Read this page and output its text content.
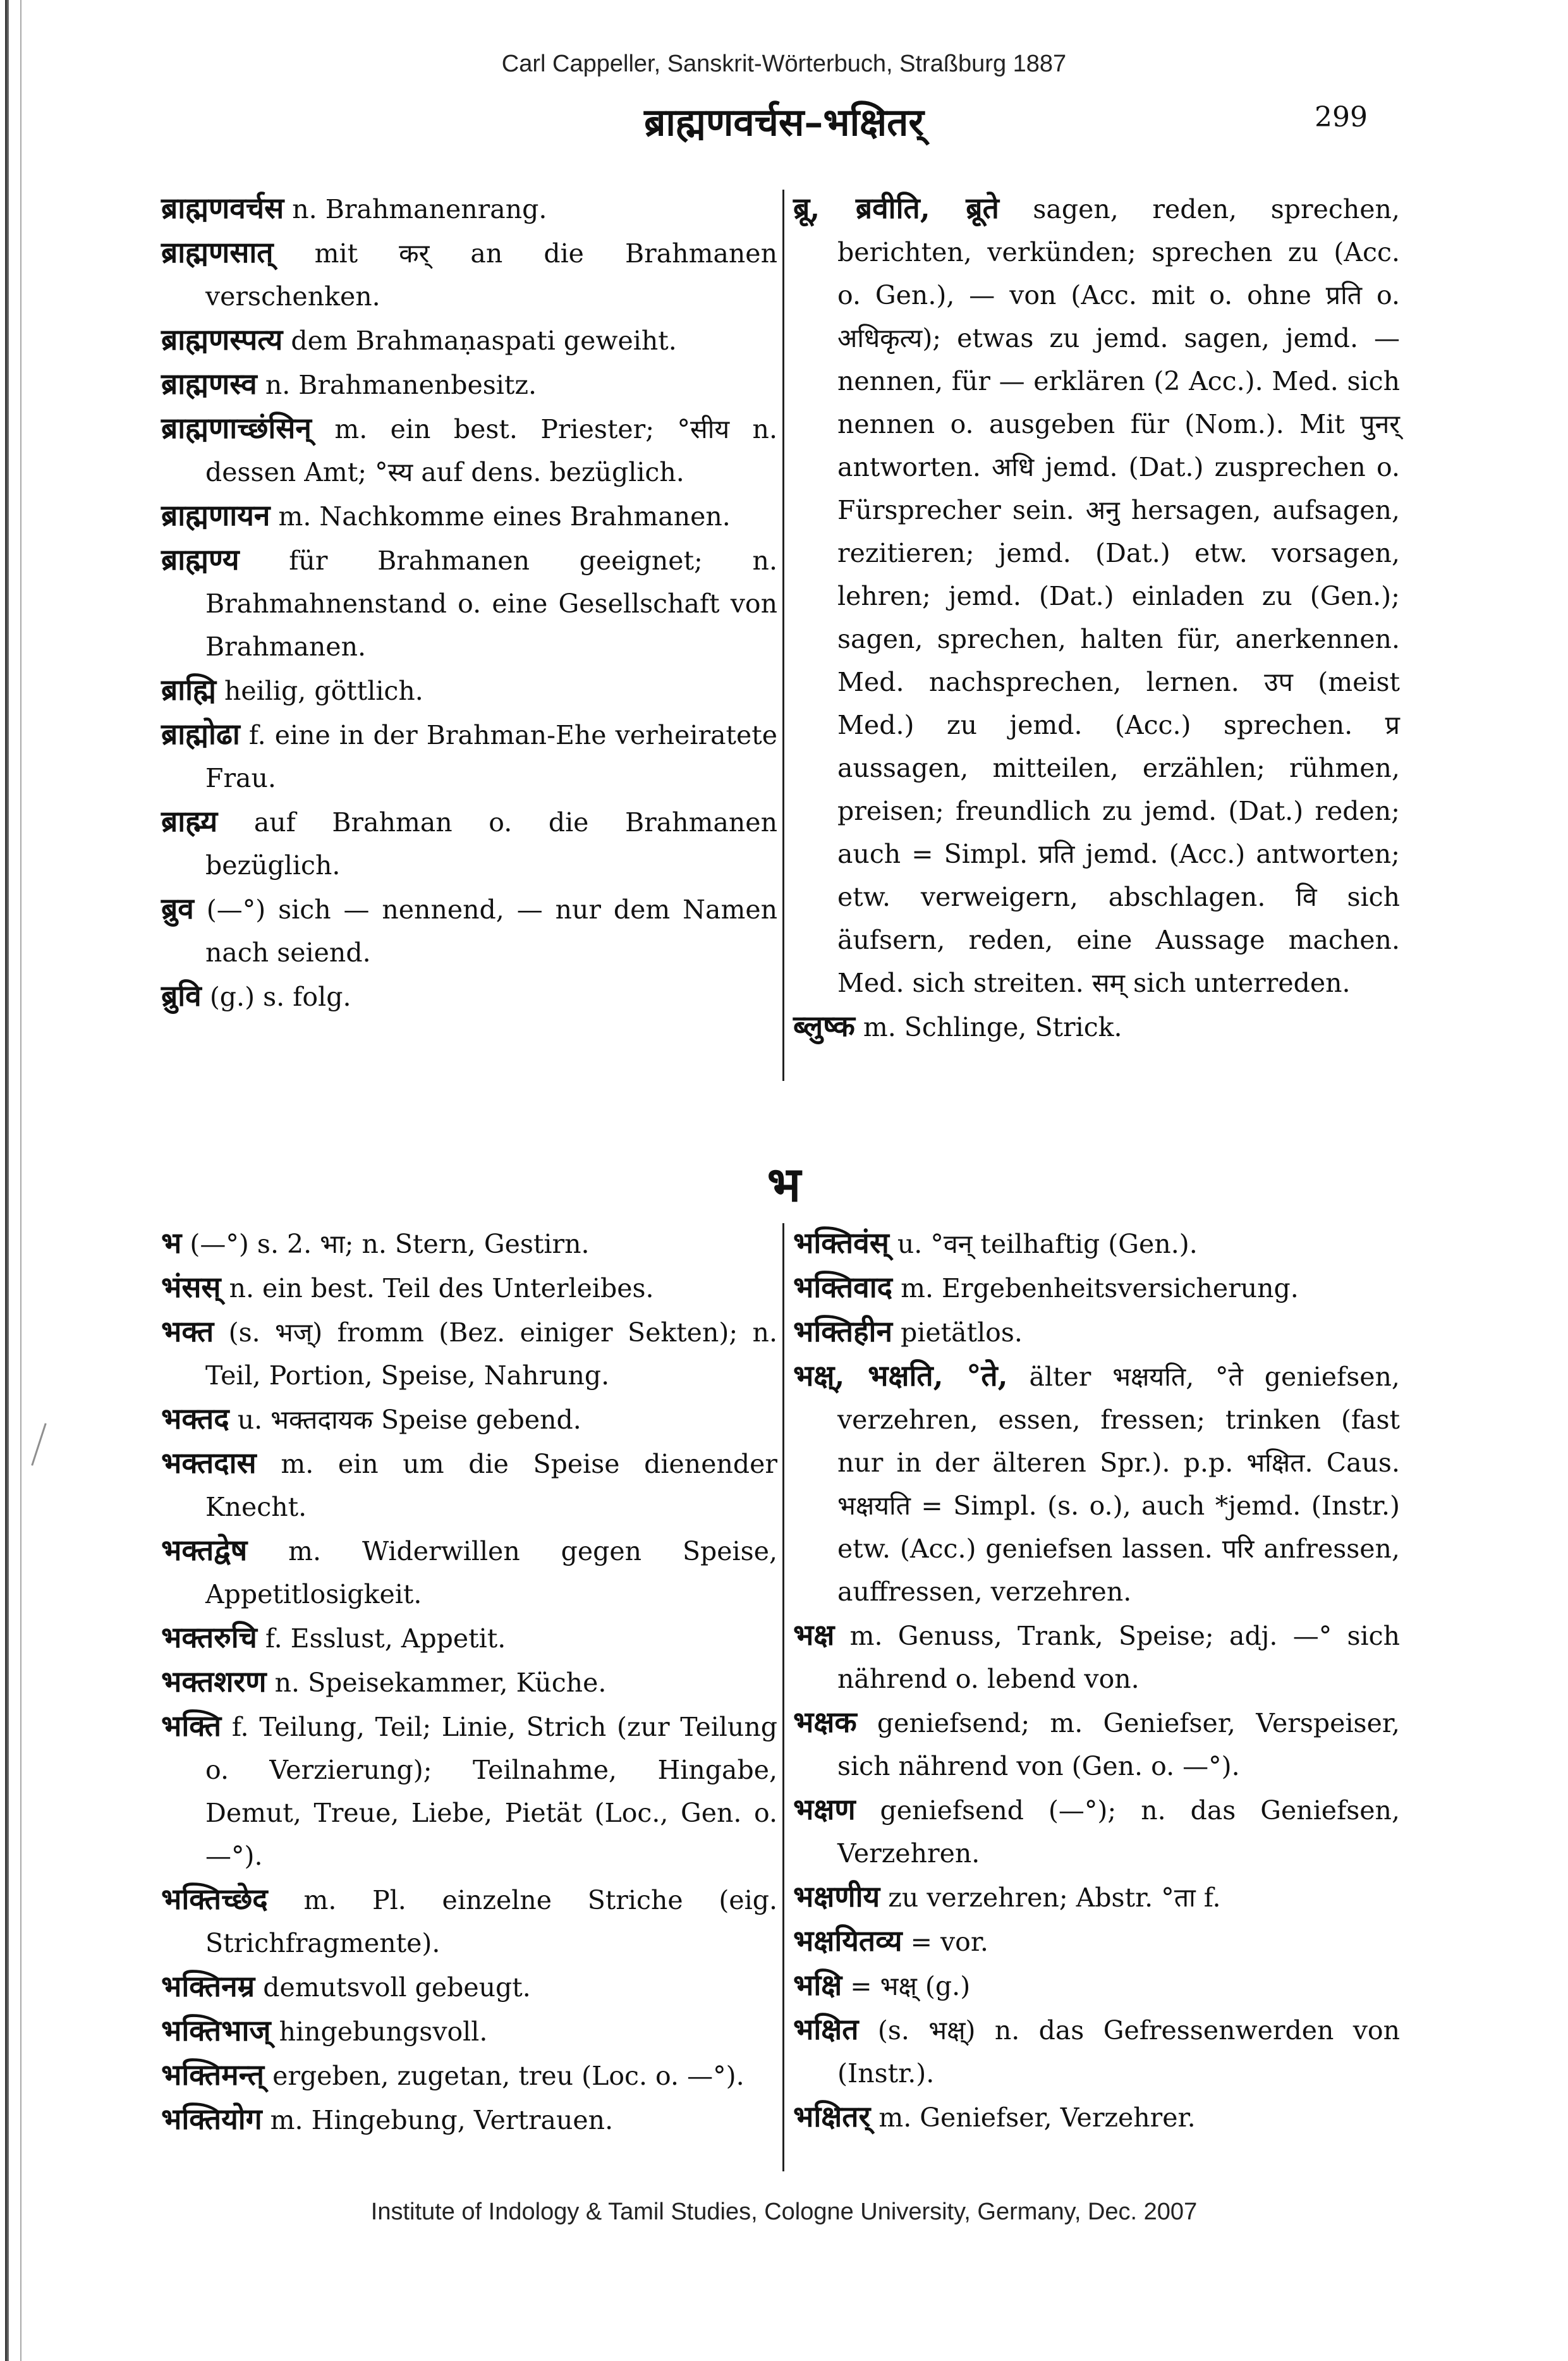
Carl Cappeller, Sanskrit-Wörterbuch, Straßburg 1887
ब्राह्मणवर्चस–भक्षितर्	299

ब्राह्मणवर्चस n. Brahmanenrang.

ब्राह्मणसात् mit कर् an die Brahmanen verschenken.

ब्राह्मणस्पत्य dem Brahmaṇaspati geweiht.

ब्राह्मणस्व n. Brahmanenbesitz.

ब्राह्मणाच्छंसिन् m. ein best. Priester; °सीय n. dessen Amt; °स्य auf dens. bezüglich.

ब्राह्मणायन m. Nachkomme eines Brahmanen.

ब्राह्मण्य für Brahmanen geeignet; n. Brahmahnenstand o. eine Gesellschaft von Brahmanen.

ब्राह्मि heilig, göttlich.

ब्राह्मोढा f. eine in der Brahman-Ehe verheiratete Frau.

ब्राह्म्य auf Brahman o. die Brahmanen bezüglich.

ब्रुव (—°) sich — nennend, — nur dem Namen nach seiend.

ब्रुवि (g.) s. folg.

ब्रू, ब्रवीति, ब्रूते sagen, reden, sprechen, berichten, verkünden; sprechen zu (Acc. o. Gen.), — von (Acc. mit o. ohne प्रति o. अधिकृत्य); etwas zu jemd. sagen, jemd. — nennen, für — erklären (2 Acc.). Med. sich nennen o. ausgeben für (Nom.). Mit पुनर् antworten. अधि jemd. (Dat.) zusprechen o. Fürsprecher sein. अनु hersagen, aufsagen, rezitieren; jemd. (Dat.) etw. vorsagen, lehren; jemd. (Dat.) einladen zu (Gen.); sagen, sprechen, halten für, anerkennen. Med. nachsprechen, lernen. उप (meist Med.) zu jemd. (Acc.) sprechen. प्र aussagen, mitteilen, erzählen; rühmen, preisen; freundlich zu jemd. (Dat.) reden; auch = Simpl. प्रति jemd. (Acc.) antworten; etw. verweigern, abschlagen. वि sich äufsern, reden, eine Aussage machen. Med. sich streiten. सम् sich unterreden.

ब्लुष्क m. Schlinge, Strick.

भ

भ (—°) s. 2. भा; n. Stern, Gestirn.

भंसस् n. ein best. Teil des Unterleibes.

भक्त (s. भज्) fromm (Bez. einiger Sekten); n. Teil, Portion, Speise, Nahrung.

भक्तद u. भक्तदायक Speise gebend.

भक्तदास m. ein um die Speise dienender Knecht.

भक्तद्वेष m. Widerwillen gegen Speise, Appetitlosigkeit.

भक्तरुचि f. Esslust, Appetit.

भक्तशरण n. Speisekammer, Küche.

भक्ति f. Teilung, Teil; Linie, Strich (zur Teilung o. Verzierung); Teilnahme, Hingabe, Demut, Treue, Liebe, Pietät (Loc., Gen. o. —°).

भक्तिच्छेद m. Pl. einzelne Striche (eig. Strichfragmente).

भक्तिनम्र demutsvoll gebeugt.

भक्तिभाज् hingebungsvoll.

भक्तिमन्त् ergeben, zugetan, treu (Loc. o. —°).

भक्तियोग m. Hingebung, Vertrauen.

भक्तिवंस् u. °वन् teilhaftig (Gen.).

भक्तिवाद m. Ergebenheitsversicherung.

भक्तिहीन pietätlos.

भक्ष्, भक्षति, °ते, älter भक्षयति, °ते geniefsen, verzehren, essen, fressen; trinken (fast nur in der älteren Spr.). p.p. भक्षित. Caus. भक्षयति = Simpl. (s. o.), auch *jemd. (Instr.) etw. (Acc.) geniefsen lassen. परि anfressen, auffressen, verzehren.

भक्ष m. Genuss, Trank, Speise; adj. —° sich nährend o. lebend von.

भक्षक geniefsend; m. Geniefser, Verspeiser, sich nährend von (Gen. o. —°).

भक्षण geniefsend (—°); n. das Geniefsen, Verzehren.

भक्षणीय zu verzehren; Abstr. °ता f.

भक्षयितव्य = vor.

भक्षि = भक्ष् (g.)

भक्षित (s. भक्ष्) n. das Gefressenwerden von (Instr.).

भक्षितर् m. Geniefser, Verzehrer.

Institute of Indology & Tamil Studies, Cologne University, Germany, Dec. 2007
